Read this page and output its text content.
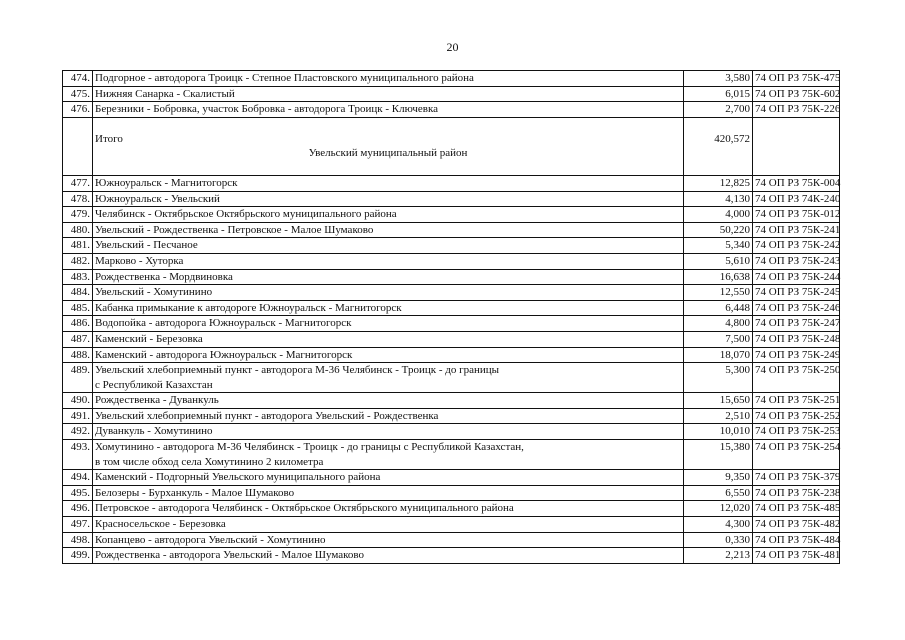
20
474.	Подгорное - автодорога Троицк - Степное Пластовского муниципального района	3,580	74 ОП РЗ 75К-475
475.	Нижняя Санарка - Скалистый	6,015	74 ОП РЗ 75К-602
476.	Березники - Бобровка, участок Бобровка - автодорога Троицк - Ключевка	2,700	74 ОП РЗ 75К-226

	Итого	420,572	
	Увельский муниципальный район		

477.	Южноуральск - Магнитогорск	12,825	74 ОП РЗ 75К-004
478.	Южноуральск - Увельский	4,130	74 ОП РЗ 74К-240
479.	Челябинск - Октябрьское Октябрьского муниципального района	4,000	74 ОП РЗ 75К-012
480.	Увельский - Рождественка - Петровское - Малое Шумаково	50,220	74 ОП РЗ 75К-241
481.	Увельский - Песчаное	5,340	74 ОП РЗ 75К-242
482.	Марково - Хуторка	5,610	74 ОП РЗ 75К-243
483.	Рождественка - Мордвиновка	16,638	74 ОП РЗ 75К-244
484.	Увельский - Хомутинино	12,550	74 ОП РЗ 75К-245
485.	Кабанка примыкание к автодороге Южноуральск - Магнитогорск	6,448	74 ОП РЗ 75К-246
486.	Водопойка - автодорога Южноуральск - Магнитогорск	4,800	74 ОП РЗ 75К-247
487.	Каменский - Березовка	7,500	74 ОП РЗ 75К-248
488.	Каменский - автодорога Южноуральск - Магнитогорск	18,070	74 ОП РЗ 75К-249
489.	Увельский хлебоприемный пункт - автодорога М-36 Челябинск - Троицк - до границы	5,300	74 ОП РЗ 75К-250
	с Республикой Казахстан		
490.	Рождественка - Дуванкуль	15,650	74 ОП РЗ 75К-251
491.	Увельский хлебоприемный пункт - автодорога Увельский - Рождественка	2,510	74 ОП РЗ 75К-252
492.	Дуванкуль - Хомутинино	10,010	74 ОП РЗ 75К-253
493.	Хомутинино - автодорога М-36 Челябинск - Троицк - до границы с Республикой Казахстан,	15,380	74 ОП РЗ 75К-254
	в том числе обход села Хомутинино 2 километра		
494.	Каменский - Подгорный Увельского муниципального района	9,350	74 ОП РЗ 75К-379
495.	Белозеры - Бурханкуль - Малое Шумаково	6,550	74 ОП РЗ 75К-238
496.	Петровское - автодорога Челябинск - Октябрьское Октябрьского муниципального района	12,020	74 ОП РЗ 75К-485
497.	Красносельское - Березовка	4,300	74 ОП РЗ 75К-482
498.	Копанцево - автодорога Увельский - Хомутинино	0,330	74 ОП РЗ 75К-484
499.	Рождественка - автодорога Увельский - Малое Шумаково	2,213	74 ОП РЗ 75К-481
